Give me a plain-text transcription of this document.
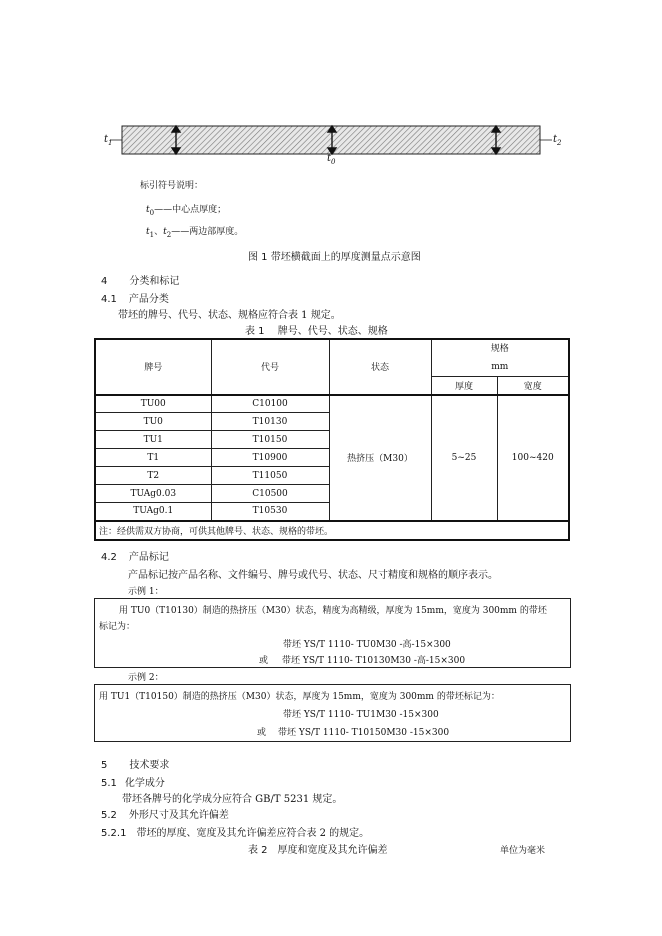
$t_1$	$t_2$
$t_0$
标引符号说明：
$t_0——$中心点厚度；
$t_1$、$t_2——$两边部厚度。
图 1 带坯横截面上的厚度测量点示意图
4 分类和标记
4.1 产品分类
带坯的牌号、代号、状态、规格应符合表 1 规定。
表 1　 牌号、代号、状态、规格
牌号	代号	状态	规格
mm	

			厚度	宽度
TU00	C10100	热挤压（M30）	5~25	100~420
TU0	T10130			
TU1	T10150			
T1	T10900			
T2	T11050			
TUAg0.03	C10500			
TUAg0.1	T10530			
注：经供需双方协商，可供其他牌号、状态、规格的带坯。				
4.2 产品标记
产品标记按产品名称、文件编号、牌号或代号、状态、尺寸精度和规格的顺序表示。
示例 1：
用 TU0（T10130）制造的热挤压（M30）状态，精度为高精级，厚度为 15mm，宽度为 300mm 的带坯
标记为：
带坯 YS/T 1110- TU0M30 -高-15×300
或 带坯 YS/T 1110- T10130M30 -高-15×300
示例 2：
用 TU1（T10150）制造的热挤压（M30）状态，厚度为 15mm，宽度为 300mm 的带坯标记为：
带坯 YS/T 1110- TU1M30 -15×300
或 带坯 YS/T 1110- T10150M30 -15×300
5 技术要求
5.1 化学成分
带坯各牌号的化学成分应符合 GB/T 5231 规定。
5.2 外形尺寸及其允许偏差
5.2.1 带坯的厚度、宽度及其允许偏差应符合表 2 的规定。
表 2　厚度和宽度及其允许偏差	单位为毫米
